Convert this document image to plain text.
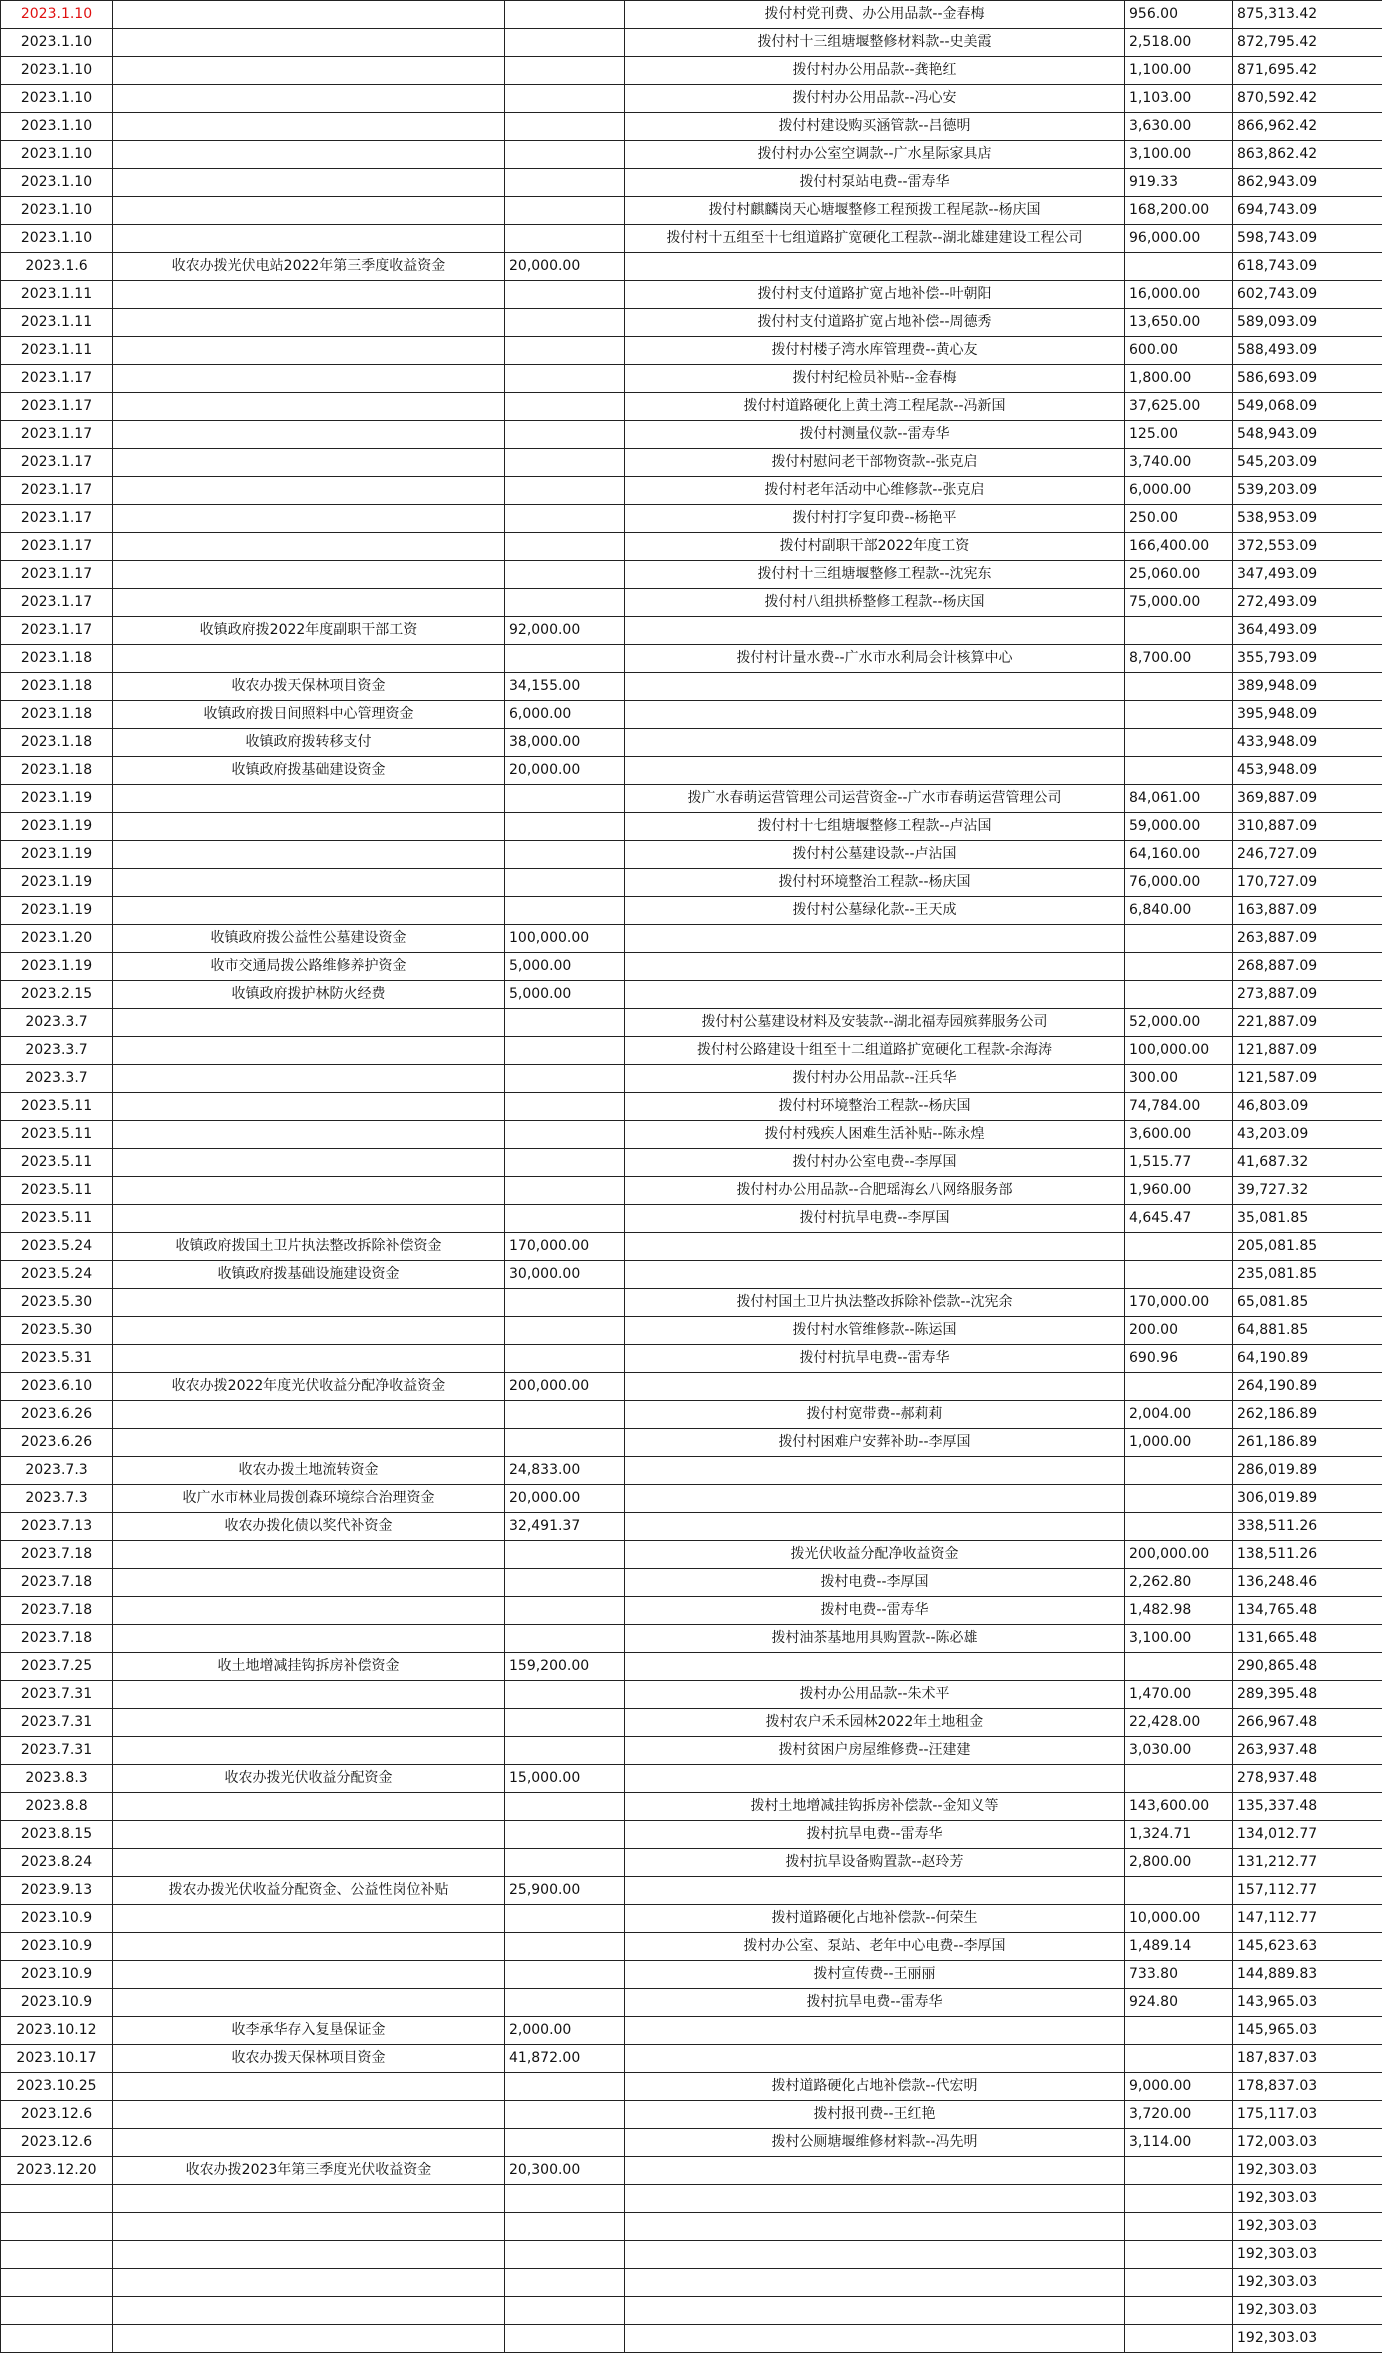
2023.1.10			拨付村党刊费、办公用品款--金春梅	956.00	875,313.42
2023.1.10			拨付村十三组塘堰整修材料款--史美霞	2,518.00	872,795.42
2023.1.10			拨付村办公用品款--龚艳红	1,100.00	871,695.42
2023.1.10			拨付村办公用品款--冯心安	1,103.00	870,592.42
2023.1.10			拨付村建设购买涵管款--吕德明	3,630.00	866,962.42
2023.1.10			拨付村办公室空调款--广水星际家具店	3,100.00	863,862.42
2023.1.10			拨付村泵站电费--雷寿华	919.33	862,943.09
2023.1.10			拨付村麒麟岗天心塘堰整修工程预拨工程尾款--杨庆国	168,200.00	694,743.09
2023.1.10			拨付村十五组至十七组道路扩宽硬化工程款--湖北雄建建设工程公司	96,000.00	598,743.09
2023.1.6	收农办拨光伏电站2022年第三季度收益资金	20,000.00			618,743.09
2023.1.11			拨付村支付道路扩宽占地补偿--叶朝阳	16,000.00	602,743.09
2023.1.11			拨付村支付道路扩宽占地补偿--周德秀	13,650.00	589,093.09
2023.1.11			拨付村楼子湾水库管理费--黄心友	600.00	588,493.09
2023.1.17			拨付村纪检员补贴--金春梅	1,800.00	586,693.09
2023.1.17			拨付村道路硬化上黄土湾工程尾款--冯新国	37,625.00	549,068.09
2023.1.17			拨付村测量仪款--雷寿华	125.00	548,943.09
2023.1.17			拨付村慰问老干部物资款--张克启	3,740.00	545,203.09
2023.1.17			拨付村老年活动中心维修款--张克启	6,000.00	539,203.09
2023.1.17			拨付村打字复印费--杨艳平	250.00	538,953.09
2023.1.17			拨付村副职干部2022年度工资	166,400.00	372,553.09
2023.1.17			拨付村十三组塘堰整修工程款--沈宪东	25,060.00	347,493.09
2023.1.17			拨付村八组拱桥整修工程款--杨庆国	75,000.00	272,493.09
2023.1.17	收镇政府拨2022年度副职干部工资	92,000.00			364,493.09
2023.1.18			拨付村计量水费--广水市水利局会计核算中心	8,700.00	355,793.09
2023.1.18	收农办拨天保林项目资金	34,155.00			389,948.09
2023.1.18	收镇政府拨日间照料中心管理资金	6,000.00			395,948.09
2023.1.18	收镇政府拨转移支付	38,000.00			433,948.09
2023.1.18	收镇政府拨基础建设资金	20,000.00			453,948.09
2023.1.19			拨广水春萌运营管理公司运营资金--广水市春萌运营管理公司	84,061.00	369,887.09
2023.1.19			拨付村十七组塘堰整修工程款--卢沾国	59,000.00	310,887.09
2023.1.19			拨付村公墓建设款--卢沾国	64,160.00	246,727.09
2023.1.19			拨付村环境整治工程款--杨庆国	76,000.00	170,727.09
2023.1.19			拨付村公墓绿化款--王天成	6,840.00	163,887.09
2023.1.20	收镇政府拨公益性公墓建设资金	100,000.00			263,887.09
2023.1.19	收市交通局拨公路维修养护资金	5,000.00			268,887.09
2023.2.15	收镇政府拨护林防火经费	5,000.00			273,887.09
2023.3.7			拨付村公墓建设材料及安装款--湖北福寿园殡葬服务公司	52,000.00	221,887.09
2023.3.7			拨付村公路建设十组至十二组道路扩宽硬化工程款-余海涛	100,000.00	121,887.09
2023.3.7			拨付村办公用品款--汪兵华	300.00	121,587.09
2023.5.11			拨付村环境整治工程款--杨庆国	74,784.00	46,803.09
2023.5.11			拨付村残疾人困难生活补贴--陈永煌	3,600.00	43,203.09
2023.5.11			拨付村办公室电费--李厚国	1,515.77	41,687.32
2023.5.11			拨付村办公用品款--合肥瑶海幺八网络服务部	1,960.00	39,727.32
2023.5.11			拨付村抗旱电费--李厚国	4,645.47	35,081.85
2023.5.24	收镇政府拨国土卫片执法整改拆除补偿资金	170,000.00			205,081.85
2023.5.24	收镇政府拨基础设施建设资金	30,000.00			235,081.85
2023.5.30			拨付村国土卫片执法整改拆除补偿款--沈宪余	170,000.00	65,081.85
2023.5.30			拨付村水管维修款--陈运国	200.00	64,881.85
2023.5.31			拨付村抗旱电费--雷寿华	690.96	64,190.89
2023.6.10	收农办拨2022年度光伏收益分配净收益资金	200,000.00			264,190.89
2023.6.26			拨付村宽带费--郝莉莉	2,004.00	262,186.89
2023.6.26			拨付村困难户安葬补助--李厚国	1,000.00	261,186.89
2023.7.3	收农办拨土地流转资金	24,833.00			286,019.89
2023.7.3	收广水市林业局拨创森环境综合治理资金	20,000.00			306,019.89
2023.7.13	收农办拨化债以奖代补资金	32,491.37			338,511.26
2023.7.18			拨光伏收益分配净收益资金	200,000.00	138,511.26
2023.7.18			拨村电费--李厚国	2,262.80	136,248.46
2023.7.18			拨村电费--雷寿华	1,482.98	134,765.48
2023.7.18			拨村油茶基地用具购置款--陈必雄	3,100.00	131,665.48
2023.7.25	收土地增减挂钩拆房补偿资金	159,200.00			290,865.48
2023.7.31			拨村办公用品款--朱术平	1,470.00	289,395.48
2023.7.31			拨村农户禾禾园林2022年土地租金	22,428.00	266,967.48
2023.7.31			拨村贫困户房屋维修费--汪建建	3,030.00	263,937.48
2023.8.3	收农办拨光伏收益分配资金	15,000.00			278,937.48
2023.8.8			拨村土地增减挂钩拆房补偿款--金知义等	143,600.00	135,337.48
2023.8.15			拨村抗旱电费--雷寿华	1,324.71	134,012.77
2023.8.24			拨村抗旱设备购置款--赵玲芳	2,800.00	131,212.77
2023.9.13	拨农办拨光伏收益分配资金、公益性岗位补贴	25,900.00			157,112.77
2023.10.9			拨村道路硬化占地补偿款--何荣生	10,000.00	147,112.77
2023.10.9			拨村办公室、泵站、老年中心电费--李厚国	1,489.14	145,623.63
2023.10.9			拨村宣传费--王丽丽	733.80	144,889.83
2023.10.9			拨村抗旱电费--雷寿华	924.80	143,965.03
2023.10.12	收李承华存入复垦保证金	2,000.00			145,965.03
2023.10.17	收农办拨天保林项目资金	41,872.00			187,837.03
2023.10.25			拨村道路硬化占地补偿款--代宏明	9,000.00	178,837.03
2023.12.6			拨村报刊费--王红艳	3,720.00	175,117.03
2023.12.6			拨村公厕塘堰维修材料款--冯先明	3,114.00	172,003.03
2023.12.20	收农办拨2023年第三季度光伏收益资金	20,300.00			192,303.03
					192,303.03
					192,303.03
					192,303.03
					192,303.03
					192,303.03
					192,303.03
